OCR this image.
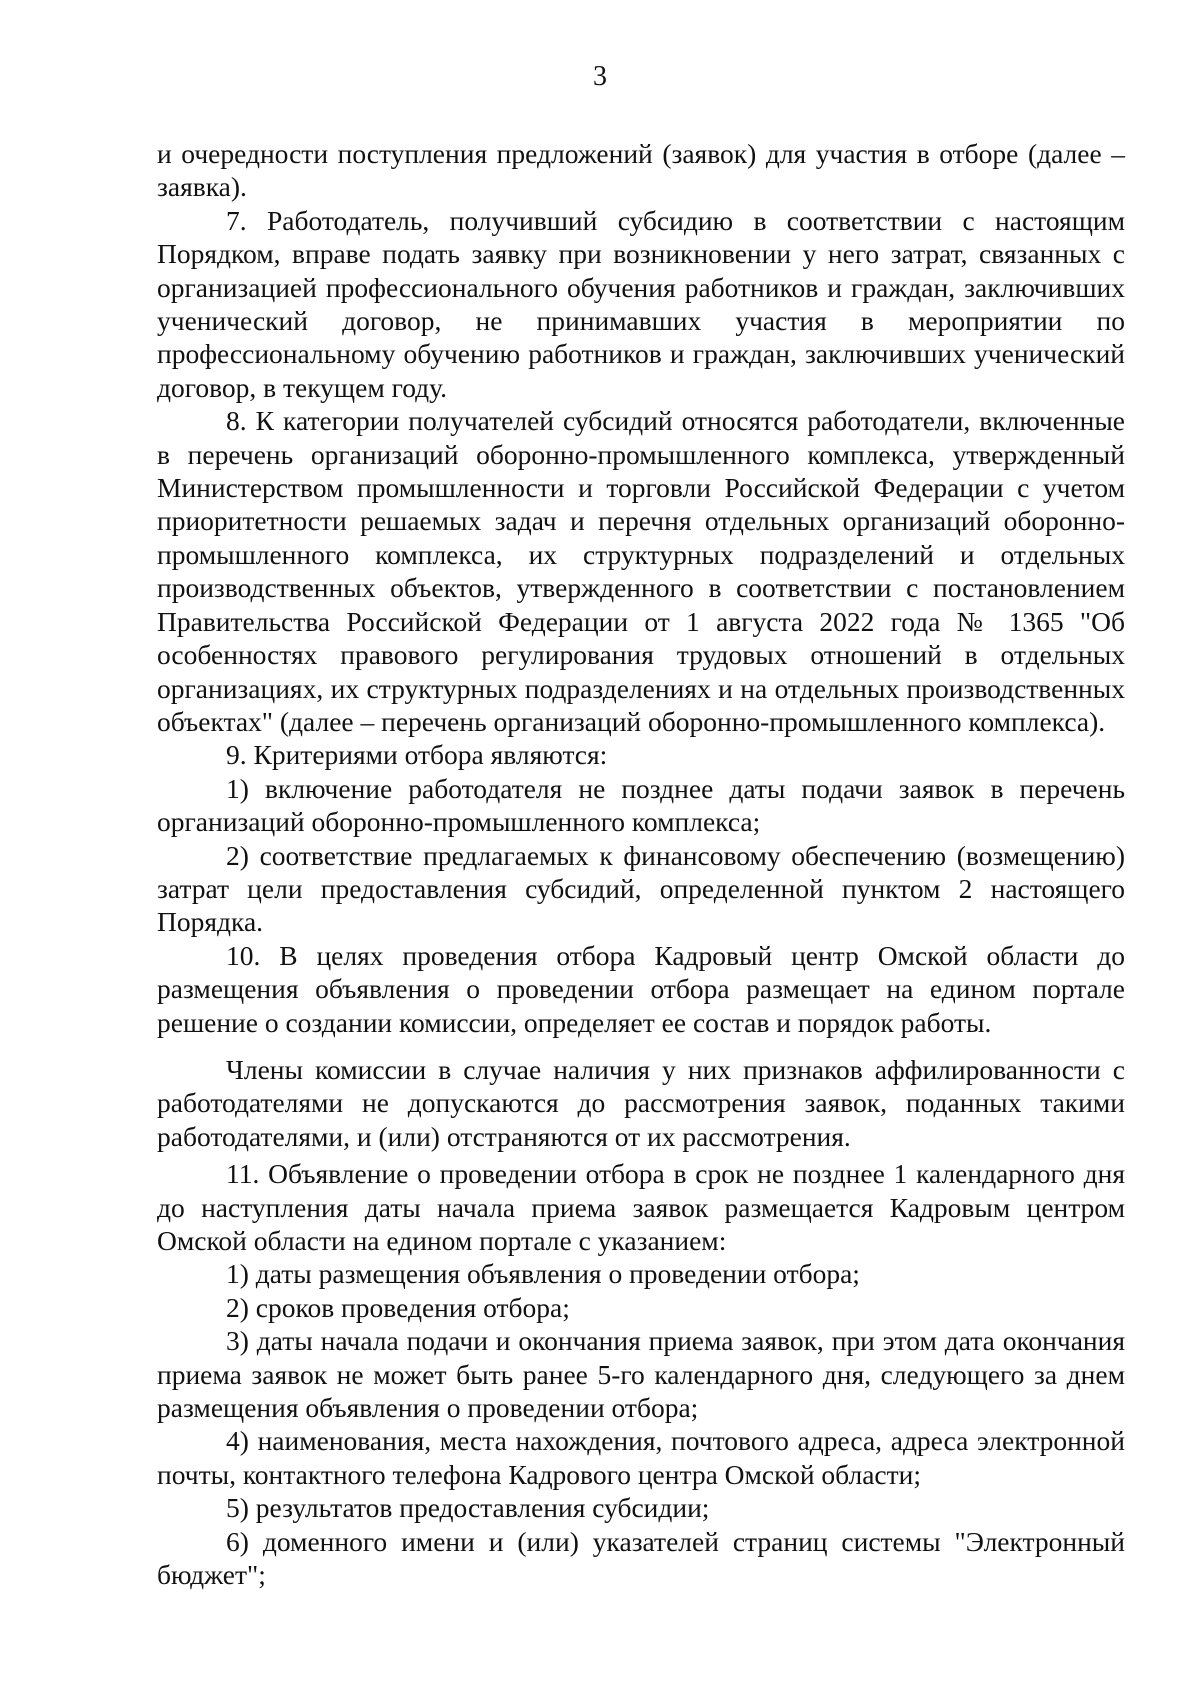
3

и очередности поступления предложений (заявок) для участия в отборе (далее – заявка).

7. Работодатель, получивший субсидию в соответствии с настоящим Порядком, вправе подать заявку при возникновении у него затрат, связанных с организацией профессионального обучения работников и граждан, заключивших ученический договор, не принимавших участия в мероприятии по профессиональному обучению работников и граждан, заключивших ученический договор, в текущем году.

8. К категории получателей субсидий относятся работодатели, включенные в перечень организаций оборонно-промышленного комплекса, утвержденный Министерством промышленности и торговли Российской Федерации с учетом приоритетности решаемых задач и перечня отдельных организаций оборонно-промышленного комплекса, их структурных подразделений и отдельных производственных объектов, утвержденного в соответствии с постановлением Правительства Российской Федерации от 1 августа 2022 года № 1365 "Об особенностях правового регулирования трудовых отношений в отдельных организациях, их структурных подразделениях и на отдельных производственных объектах" (далее – перечень организаций оборонно-промышленного комплекса).

9. Критериями отбора являются:

1) включение работодателя не позднее даты подачи заявок в перечень организаций оборонно-промышленного комплекса;

2) соответствие предлагаемых к финансовому обеспечению (возмещению) затрат цели предоставления субсидий, определенной пунктом 2 настоящего Порядка.

10. В целях проведения отбора Кадровый центр Омской области до размещения объявления о проведении отбора размещает на едином портале решение о создании комиссии, определяет ее состав и порядок работы.

Члены комиссии в случае наличия у них признаков аффилированности с работодателями не допускаются до рассмотрения заявок, поданных такими работодателями, и (или) отстраняются от их рассмотрения.

11. Объявление о проведении отбора в срок не позднее 1 календарного дня до наступления даты начала приема заявок размещается Кадровым центром Омской области на едином портале с указанием:

1) даты размещения объявления о проведении отбора;

2) сроков проведения отбора;

3) даты начала подачи и окончания приема заявок, при этом дата окончания приема заявок не может быть ранее 5-го календарного дня, следующего за днем размещения объявления о проведении отбора;

4) наименования, места нахождения, почтового адреса, адреса электронной почты, контактного телефона Кадрового центра Омской области;

5) результатов предоставления субсидии;

6) доменного имени и (или) указателей страниц системы "Электронный бюджет";
